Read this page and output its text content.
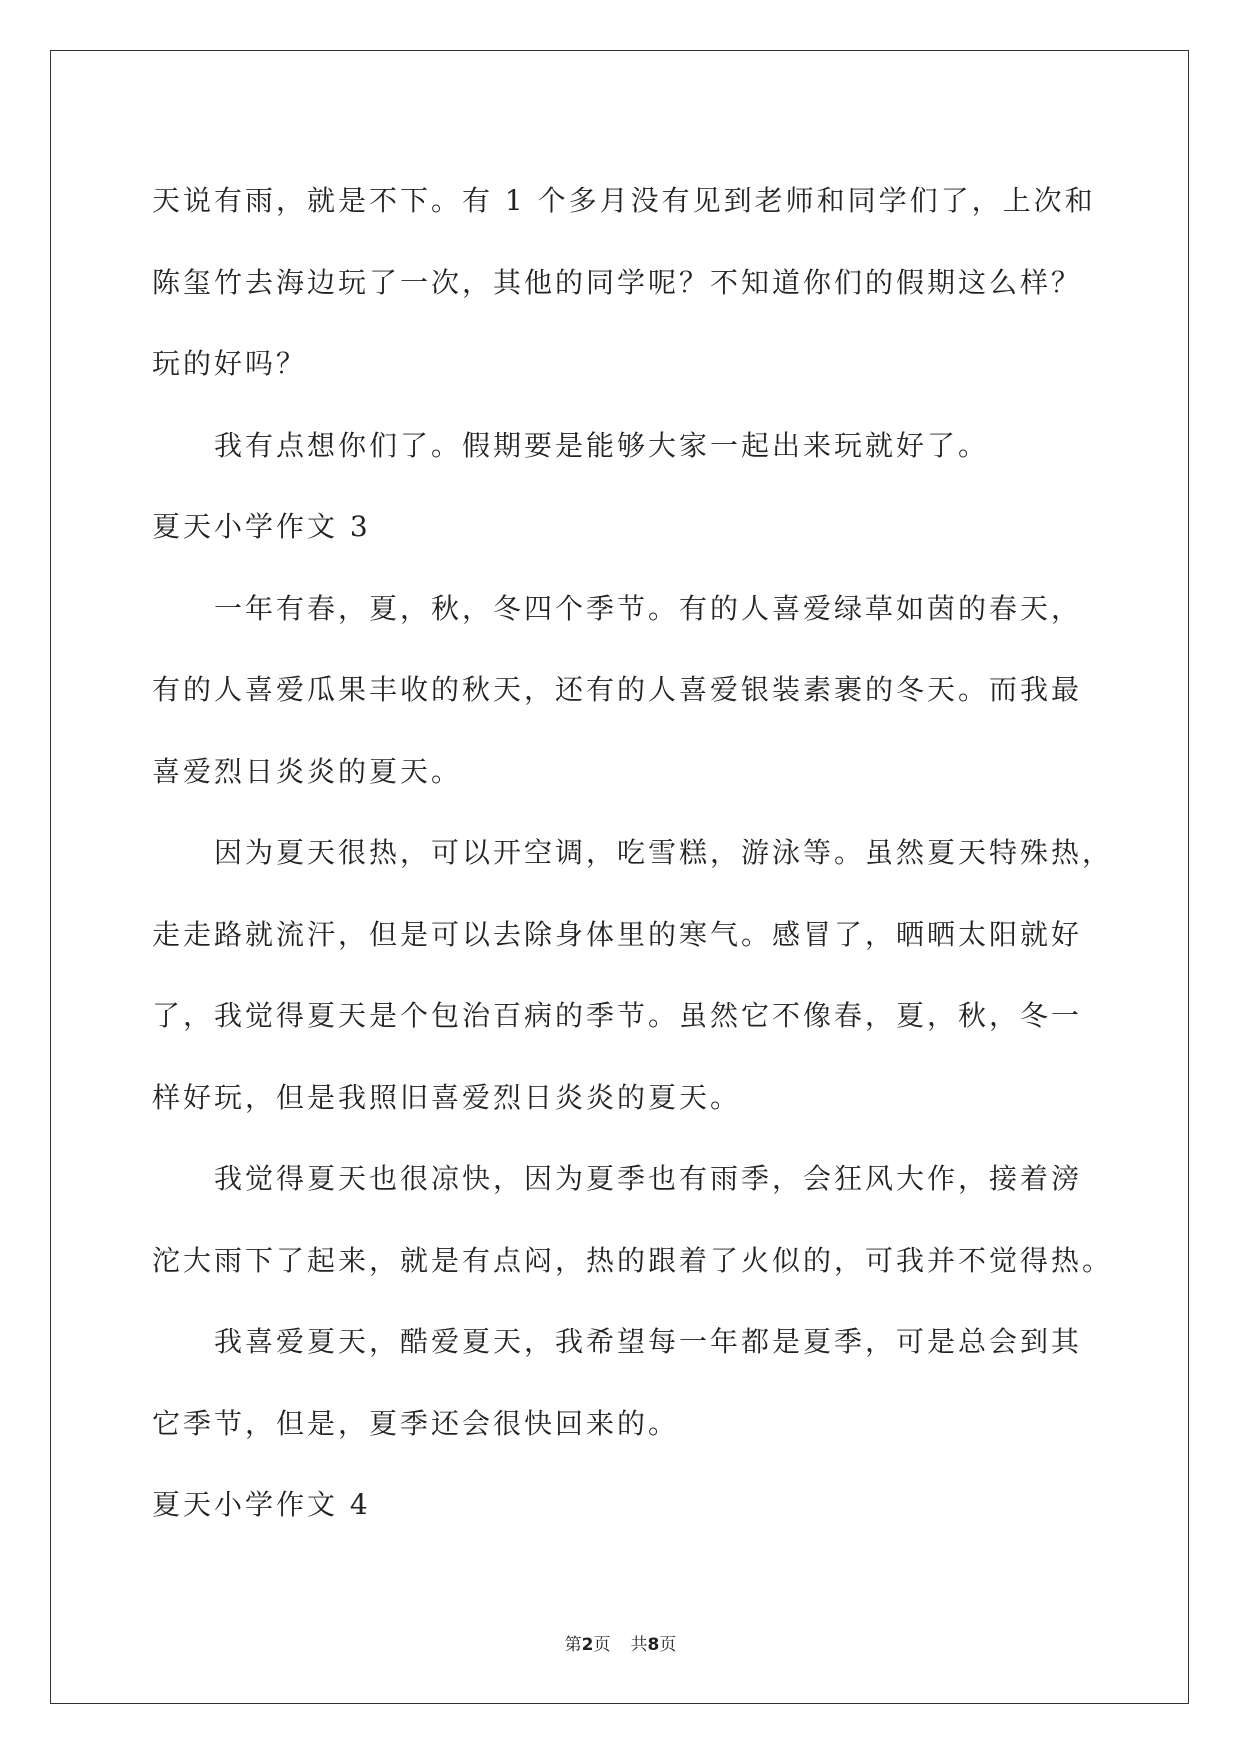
天说有雨，就是不下。有 1 个多月没有见到老师和同学们了，上次和
陈玺竹去海边玩了一次，其他的同学呢？不知道你们的假期这么样？
玩的好吗？
我有点想你们了。假期要是能够大家一起出来玩就好了。
夏天小学作文 3
一年有春，夏，秋，冬四个季节。有的人喜爱绿草如茵的春天，
有的人喜爱瓜果丰收的秋天，还有的人喜爱银装素裹的冬天。而我最
喜爱烈日炎炎的夏天。
因为夏天很热，可以开空调，吃雪糕，游泳等。虽然夏天特殊热，
走走路就流汗，但是可以去除身体里的寒气。感冒了，晒晒太阳就好
了，我觉得夏天是个包治百病的季节。虽然它不像春，夏，秋，冬一
样好玩，但是我照旧喜爱烈日炎炎的夏天。
我觉得夏天也很凉快，因为夏季也有雨季，会狂风大作，接着滂
沱大雨下了起来，就是有点闷，热的跟着了火似的，可我并不觉得热。
我喜爱夏天，酷爱夏天，我希望每一年都是夏季，可是总会到其
它季节，但是，夏季还会很快回来的。
夏天小学作文 4
第2页 共8页
